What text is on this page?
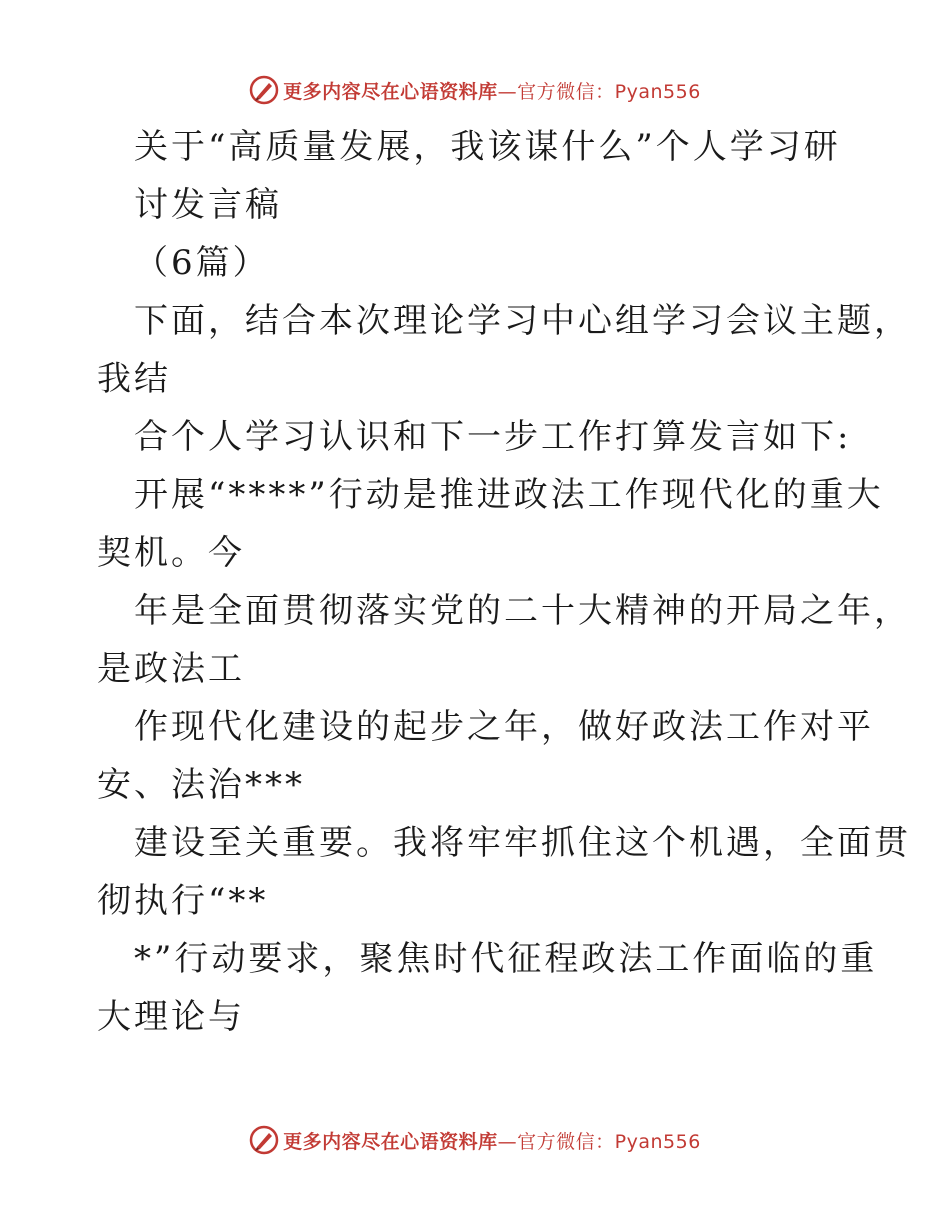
更多内容尽在心语资料库—官方微信：Pyan556
关于“高质量发展，我该谋什么”个人学习研
讨发言稿
（6篇）
下面，结合本次理论学习中心组学习会议主题，
我结
合个人学习认识和下一步工作打算发言如下:
开展“****”行动是推进政法工作现代化的重大
契机。今
年是全面贯彻落实党的二十大精神的开局之年，
是政法工
作现代化建设的起步之年，做好政法工作对平
安、法治***
建设至关重要。我将牢牢抓住这个机遇，全面贯
彻执行“**
*”行动要求，聚焦时代征程政法工作面临的重
大理论与
更多内容尽在心语资料库—官方微信：Pyan556
